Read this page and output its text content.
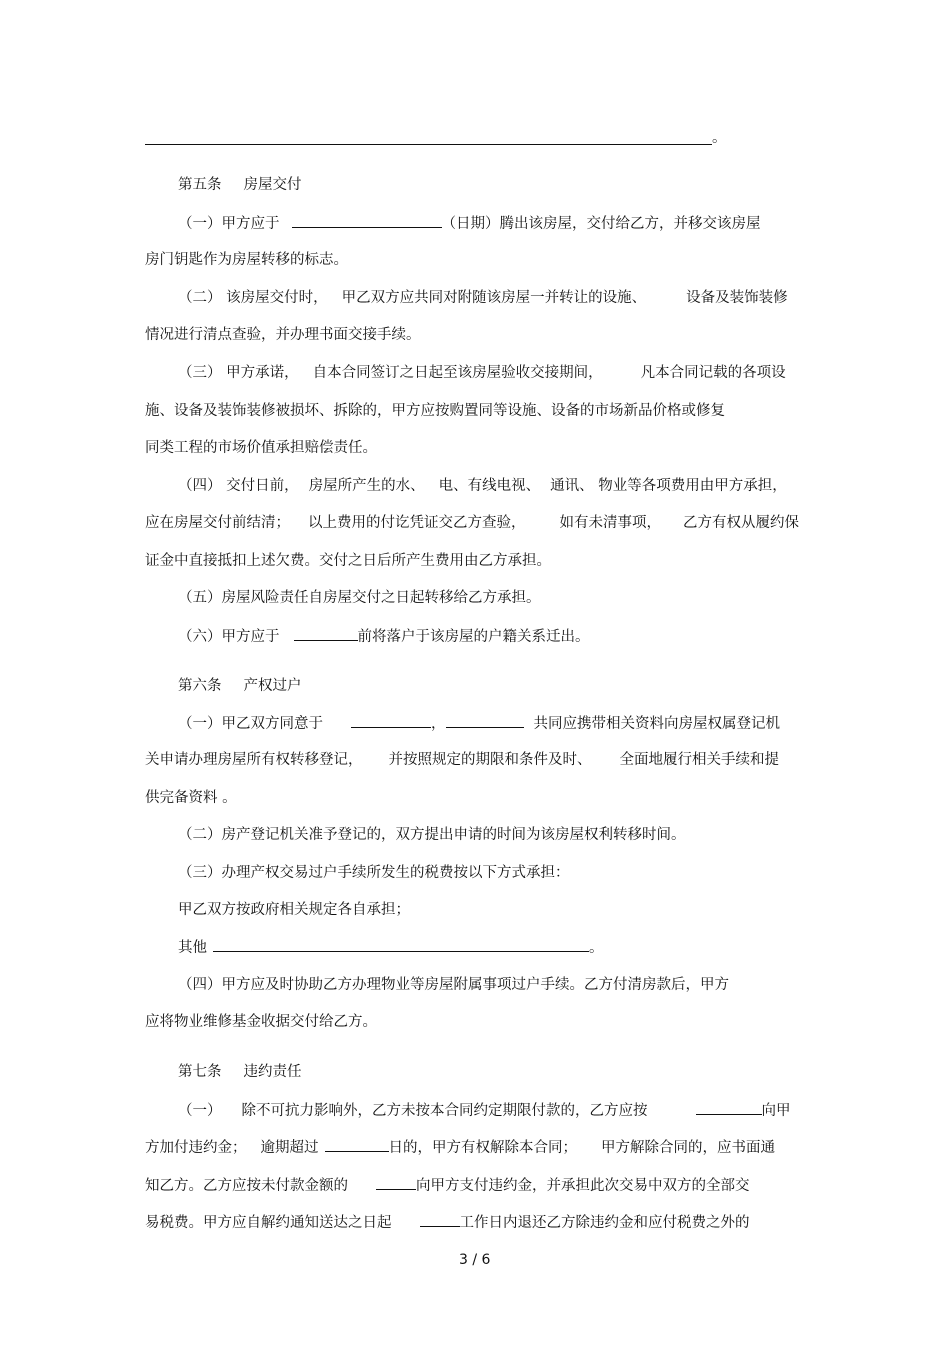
。
第五条 房屋交付
（一）甲方应于	（日期）腾出该房屋，交付给乙方，并移交该房屋
房门钥匙作为房屋转移的标志。
（二） 该房屋交付时， 甲乙双方应共同对附随该房屋一并转让的设施、	设备及装饰装修
情况进行清点查验，并办理书面交接手续。
（三） 甲方承诺， 自本合同签订之日起至该房屋验收交接期间，	凡本合同记载的各项设
施、设备及装饰装修被损坏、拆除的，甲方应按购置同等设施、设备的市场新品价格或修复
同类工程的市场价值承担赔偿责任。
（四） 交付日前， 房屋所产生的水、 电、有线电视、 通讯、 物业等各项费用由甲方承担，
应在房屋交付前结清； 以上费用的付讫凭证交乙方查验， 如有未清事项， 乙方有权从履约保
证金中直接抵扣上述欠费。交付之日后所产生费用由乙方承担。
（五）房屋风险责任自房屋交付之日起转移给乙方承担。
（六）甲方应于	前将落户于该房屋的户籍关系迁出。
第六条 产权过户
（一）甲乙双方同意于	，	共同应携带相关资料向房屋权属登记机
关申请办理房屋所有权转移登记， 并按照规定的期限和条件及时、 全面地履行相关手续和提
供完备资料 。
（二）房产登记机关准予登记的，双方提出申请的时间为该房屋权利转移时间。
（三）办理产权交易过户手续所发生的税费按以下方式承担：
甲乙双方按政府相关规定各自承担；
其他	。
（四）甲方应及时协助乙方办理物业等房屋附属事项过户手续。乙方付清房款后，甲方
应将物业维修基金收据交付给乙方。
第七条 违约责任
（一） 除不可抗力影响外，乙方未按本合同约定期限付款的，乙方应按	向甲
方加付违约金； 逾期超过	日的，甲方有权解除本合同； 甲方解除合同的，应书面通
知乙方。乙方应按未付款金额的	向甲方支付违约金，并承担此次交易中双方的全部交
易税费。甲方应自解约通知送达之日起	工作日内退还乙方除违约金和应付税费之外的
3 / 6
